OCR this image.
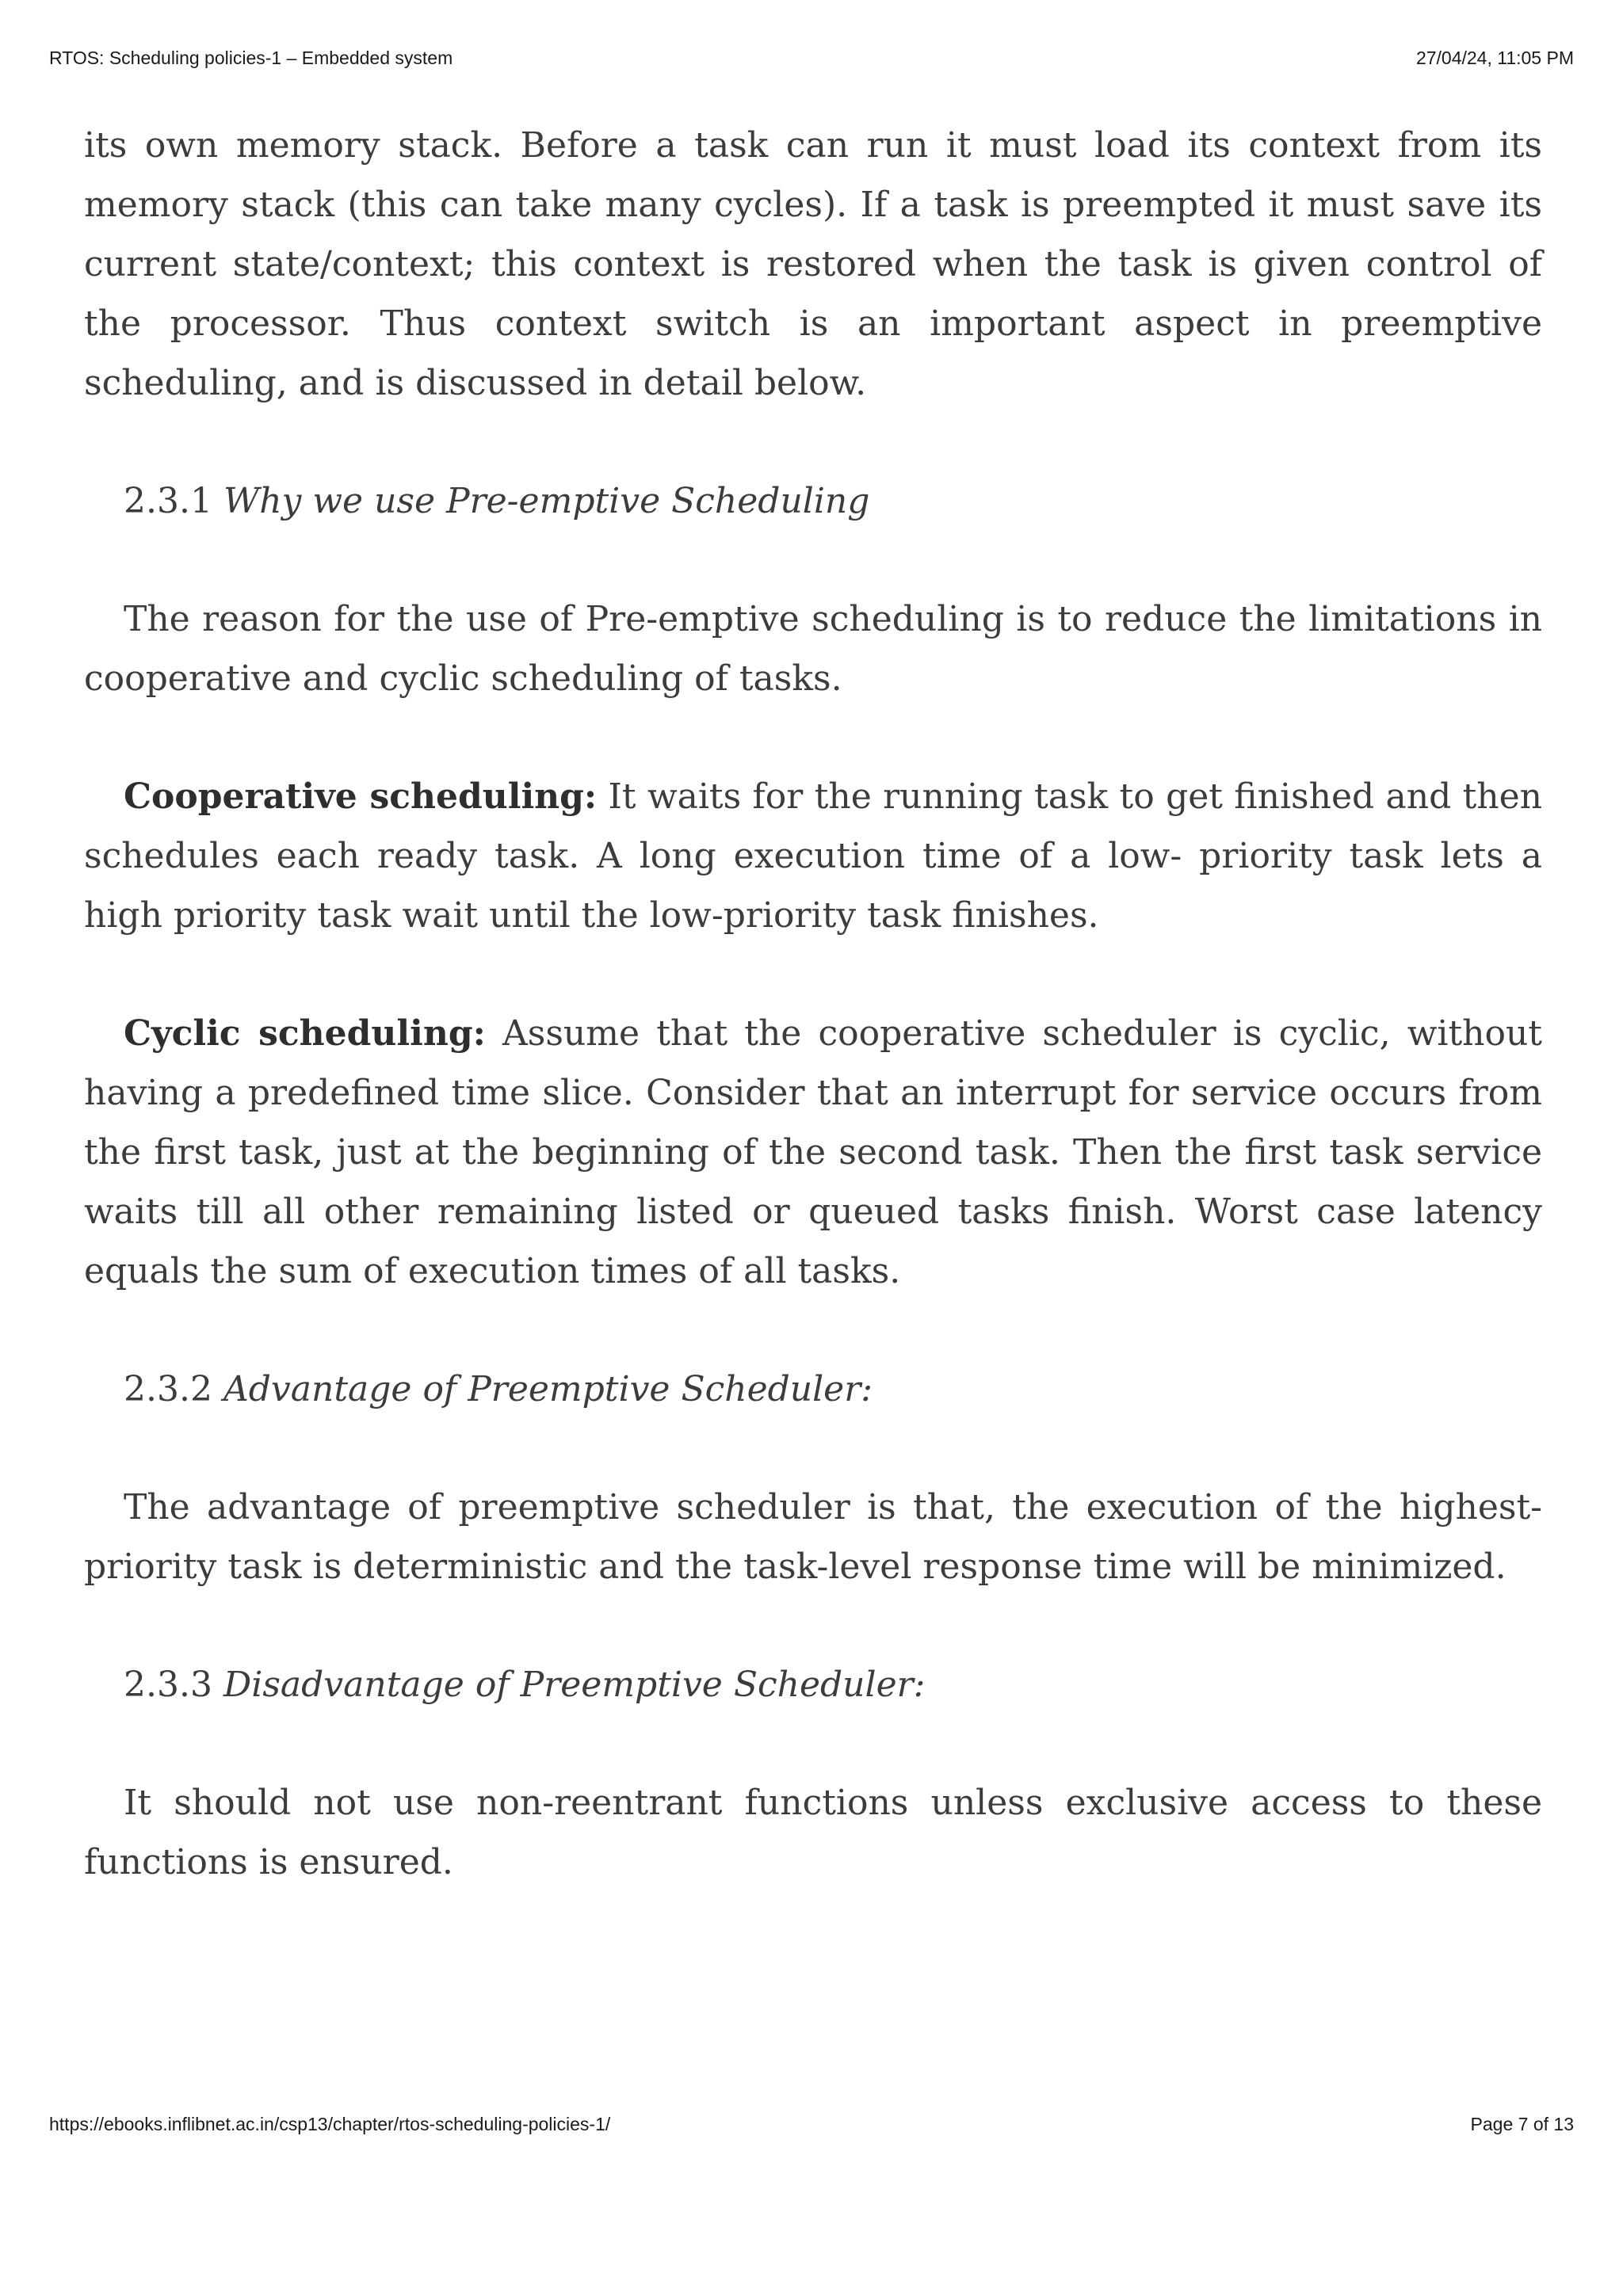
RTOS: Scheduling policies-1 – Embedded system	27/04/24, 11:05 PM

its own memory stack. Before a task can run it must load its context from its memory stack (this can take many cycles). If a task is preempted it must save its current state/context; this context is restored when the task is given control of the processor. Thus context switch is an important aspect in preemptive scheduling, and is discussed in detail below.

2.3.1 Why we use Pre-emptive Scheduling

The reason for the use of Pre-emptive scheduling is to reduce the limitations in cooperative and cyclic scheduling of tasks.

Cooperative scheduling: It waits for the running task to get finished and then schedules each ready task. A long execution time of a low- priority task lets a high priority task wait until the low-priority task finishes.

Cyclic scheduling: Assume that the cooperative scheduler is cyclic, without having a predefined time slice. Consider that an interrupt for service occurs from the first task, just at the beginning of the second task. Then the first task service waits till all other remaining listed or queued tasks finish. Worst case latency equals the sum of execution times of all tasks.

2.3.2 Advantage of Preemptive Scheduler:

The advantage of preemptive scheduler is that, the execution of the highest-priority task is deterministic and the task-level response time will be minimized.

2.3.3 Disadvantage of Preemptive Scheduler:

It should not use non-reentrant functions unless exclusive access to these functions is ensured.

https://ebooks.inflibnet.ac.in/csp13/chapter/rtos-scheduling-policies-1/	Page 7 of 13
